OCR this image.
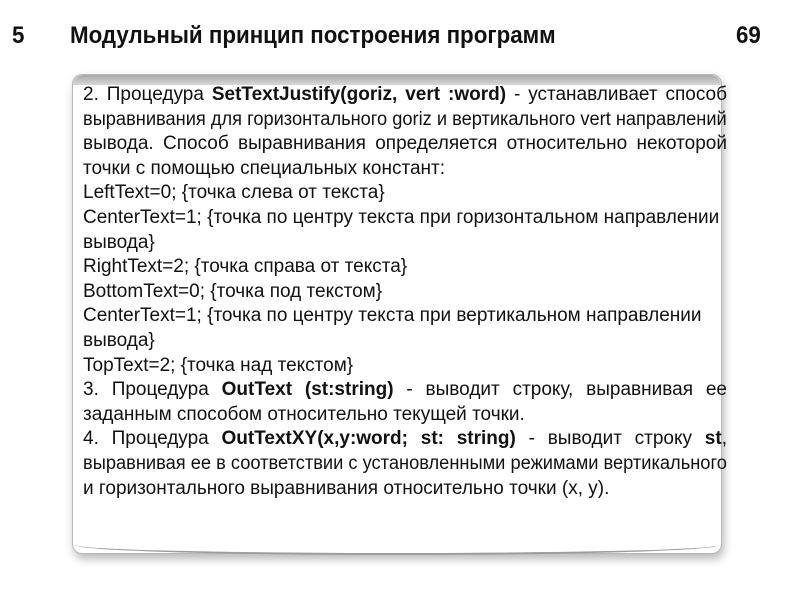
5 Модульный принцип построения программ	69
2. Процедура SetTextJustify(goriz, vert :word) - устанавливает способ
выравнивания для горизонтального goriz и вертикального vert направлений
вывода. Способ выравнивания определяется относительно некоторой
точки с помощью специальных констант:
LeftText=0; {точка слева от текста}
CenterText=1; {точка по центру текста при горизонтальном направлении
вывода}
RightText=2; {точка справа от текста}
BottomText=0; {точка под текстом}
CenterText=1; {точка по центру текста при вертикальном направлении
вывода}
TopText=2; {точка над текстом}
3. Процедура OutText (st:string) - выводит строку, выравнивая ее
заданным способом относительно текущей точки.
4. Процедура OutTextXY(x,y:word; st: string) - выводит строку st,
выравнивая ее в соответствии с установленными режимами вертикального
и горизонтального выравнивания относительно точки (x, y).
